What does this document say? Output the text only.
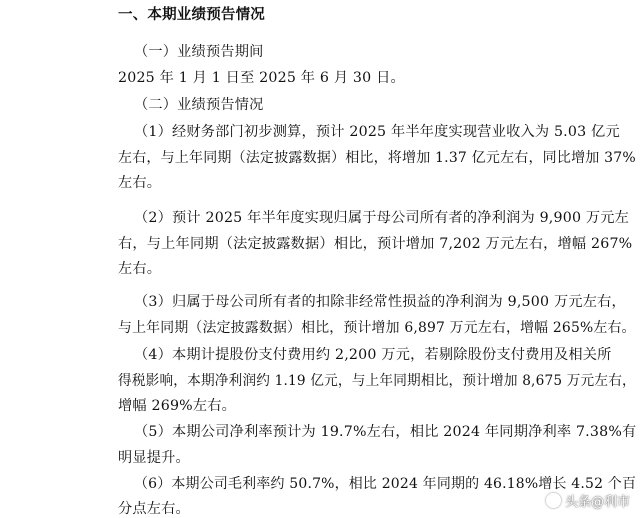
一、本期业绩预告情况
（一）业绩预告期间
2025 年 1 月 1 日至 2025 年 6 月 30 日。
（二）业绩预告情况
（1）经财务部门初步测算，预计 2025 年半年度实现营业收入为 5.03 亿元
左右，与上年同期（法定披露数据）相比，将增加 1.37 亿元左右，同比增加 37%
左右。
（2）预计 2025 年半年度实现归属于母公司所有者的净利润为 9,900 万元左
右，与上年同期（法定披露数据）相比，预计增加 7,202 万元左右，增幅 267%
左右。
（3）归属于母公司所有者的扣除非经常性损益的净利润为 9,500 万元左右，
与上年同期（法定披露数据）相比，预计增加 6,897 万元左右，增幅 265%左右。
（4）本期计提股份支付费用约 2,200 万元，若剔除股份支付费用及相关所
得税影响，本期净利润约 1.19 亿元，与上年同期相比，预计增加 8,675 万元左右，
增幅 269%左右。
（5）本期公司净利率预计为 19.7%左右，相比 2024 年同期净利率 7.38%有
明显提升。
（6）本期公司毛利率约 50.7%，相比 2024 年同期的 46.18%增长 4.52 个百
分点左右。	头条@利市
